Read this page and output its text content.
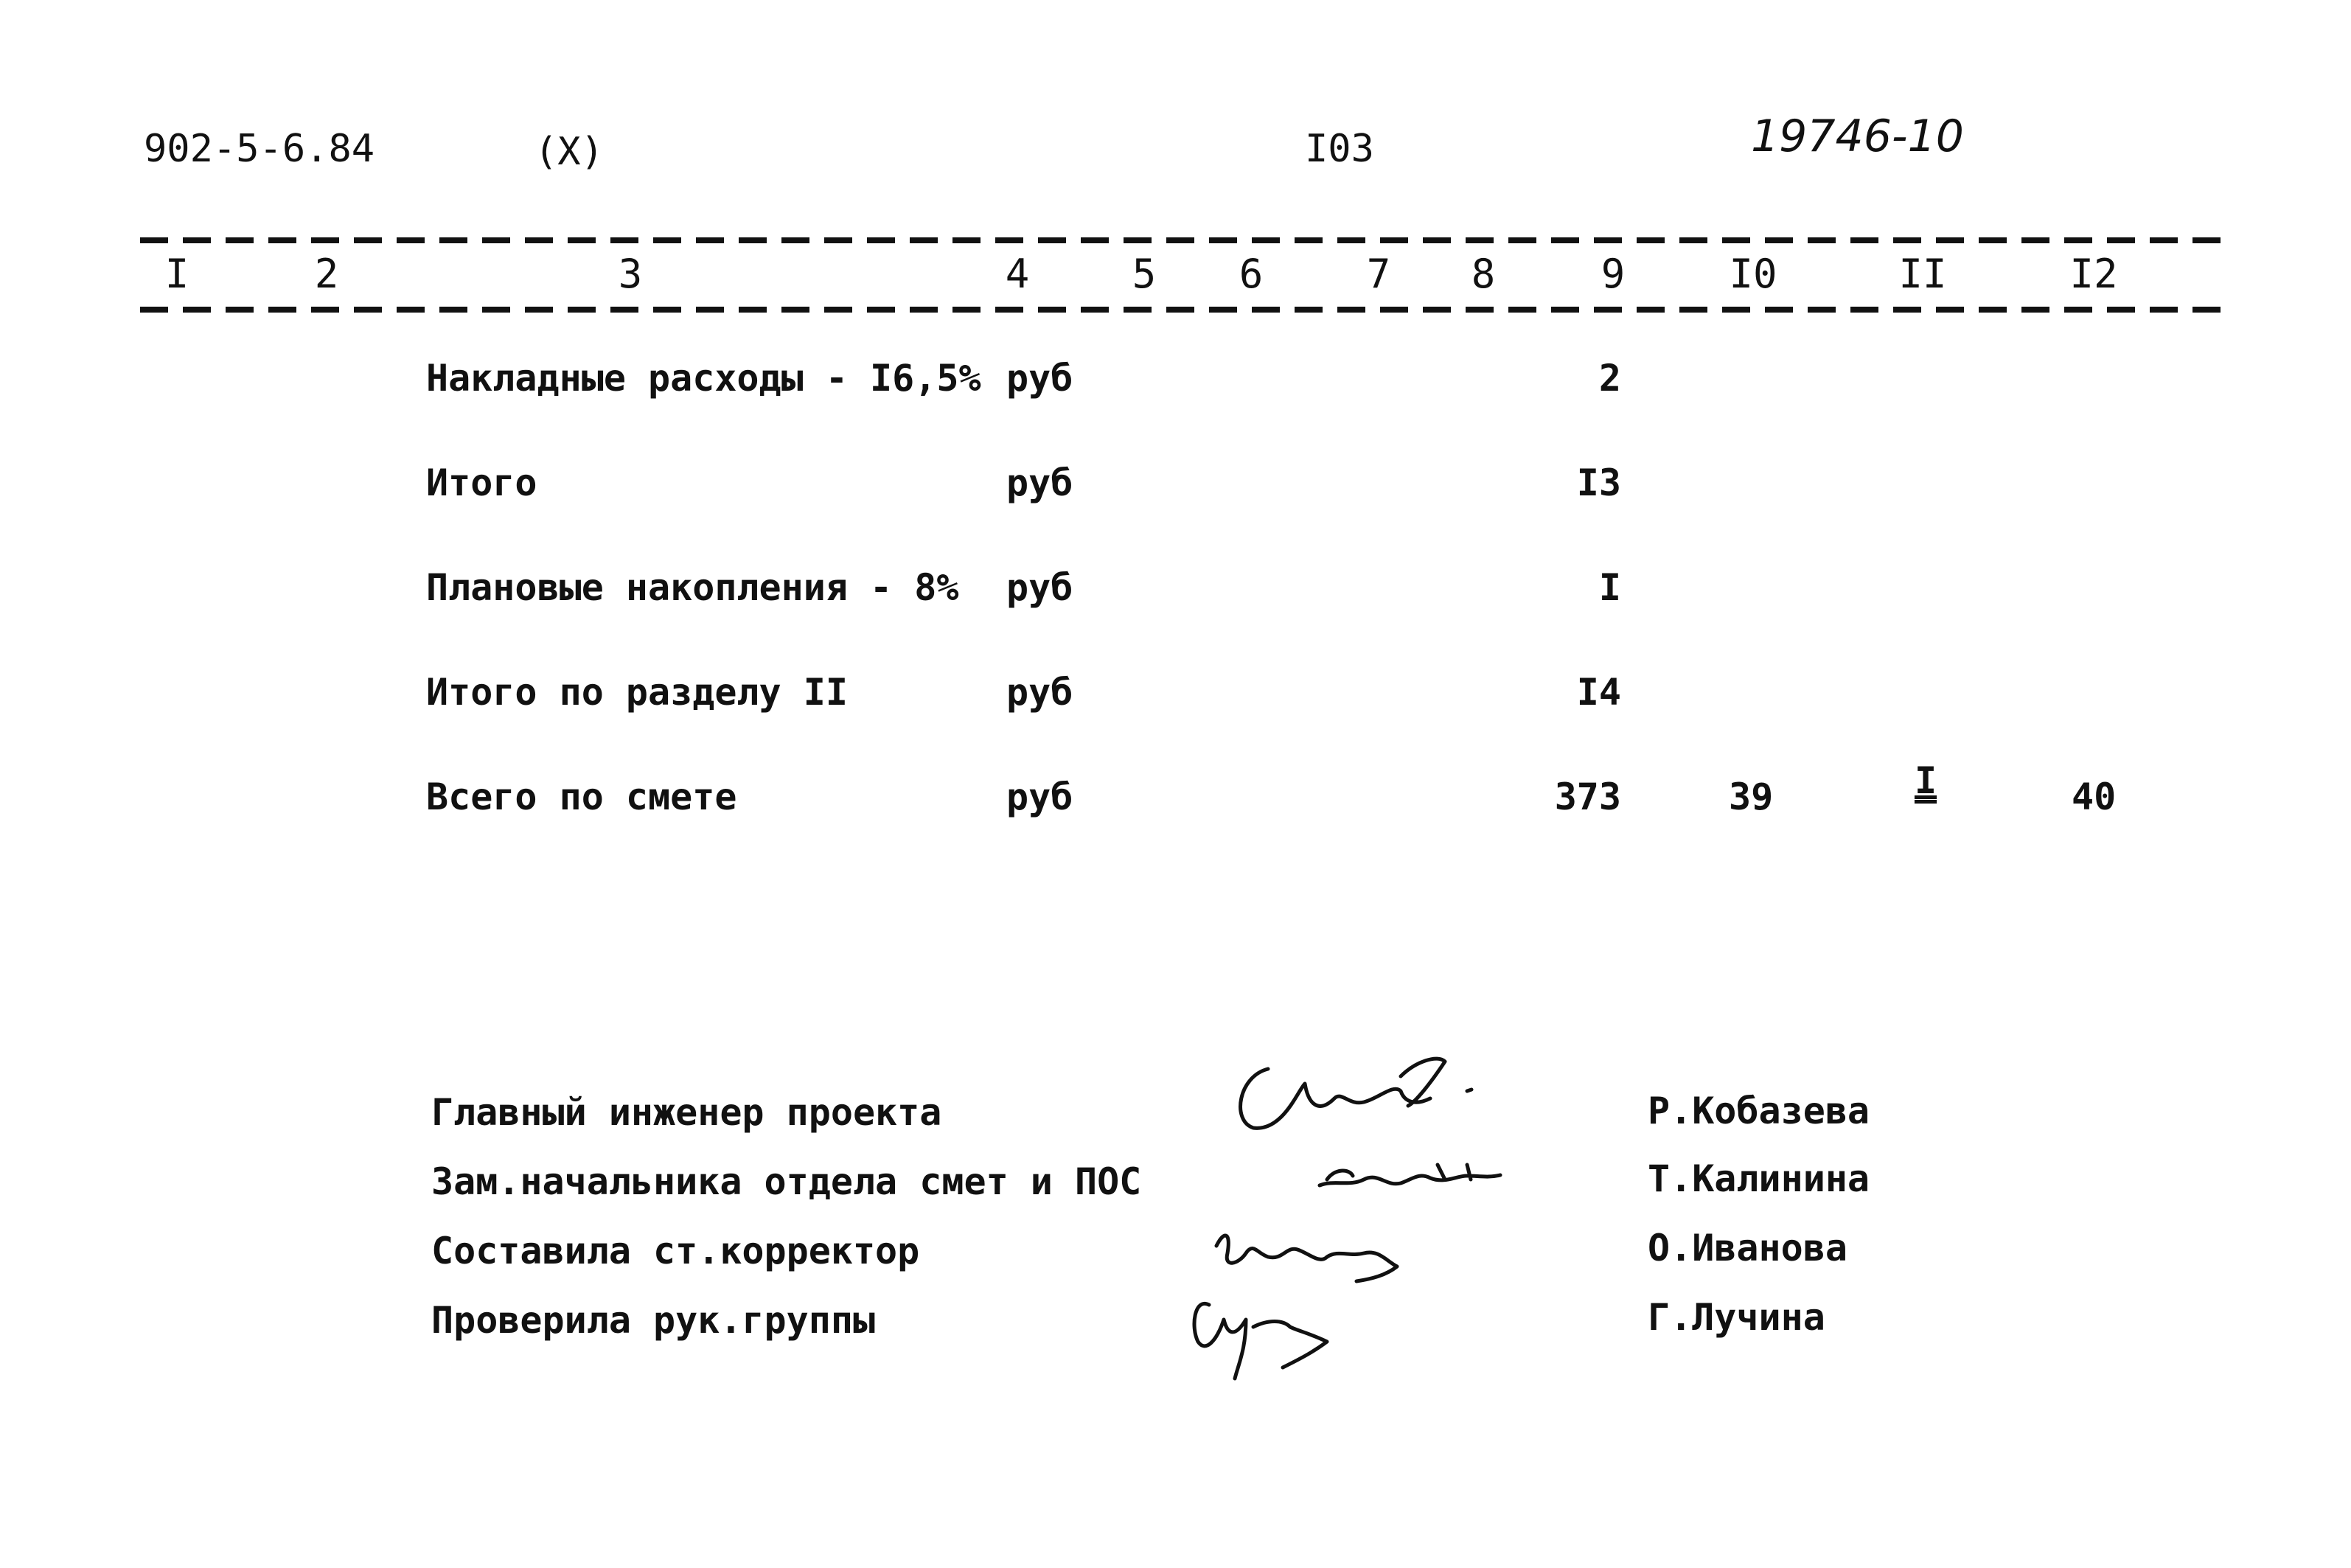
902-5-6.84	(X)	I03	19746-10
I	2	3	4	5 6	7 8	9	I0	II	I2
Накладные расходы - I6,5% руб	2
Итого	руб	I3
Плановые накопления - 8% руб	I
Итого по разделу II	руб	I4
Всего по смете	руб	373	39	I	40
Главный инженер проекта	Р.Кобазева
Зам.начальника отдела смет и ПОС	Т.Калинина
Составила ст.корректор	О.Иванова
Проверила рук.группы	Г.Лучина
